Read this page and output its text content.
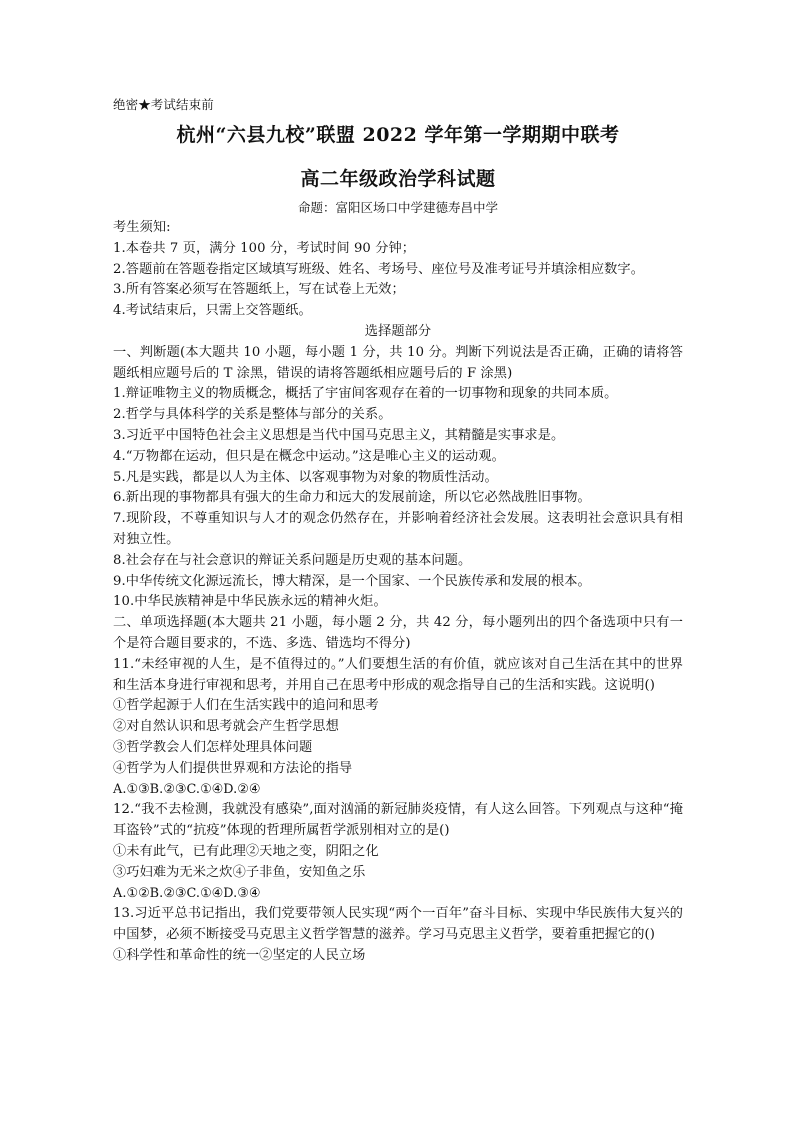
绝密★考试结束前
杭州“六县九校”联盟 2022 学年第一学期期中联考
高二年级政治学科试题
命题：富阳区场口中学建德寿昌中学
考生须知:
1.本卷共 7 页，满分 100 分，考试时间 90 分钟；
2.答题前在答题卷指定区域填写班级、姓名、考场号、座位号及准考证号并填涂相应数字。
3.所有答案必须写在答题纸上，写在试卷上无效；
4.考试结束后，只需上交答题纸。
选择题部分
一、判断题(本大题共 10 小题，每小题 1 分，共 10 分。判断下列说法是否正确，正确的请将答题纸相应题号后的 T 涂黑，错误的请将答题纸相应题号后的 F 涂黑)
1.辩证唯物主义的物质概念，概括了宇宙间客观存在着的一切事物和现象的共同本质。
2.哲学与具体科学的关系是整体与部分的关系。
3.习近平中国特色社会主义思想是当代中国马克思主义，其精髓是实事求是。
4.“万物都在运动，但只是在概念中运动。”这是唯心主义的运动观。
5.凡是实践，都是以人为主体、以客观事物为对象的物质性活动。
6.新出现的事物都具有强大的生命力和远大的发展前途，所以它必然战胜旧事物。
7.现阶段，不尊重知识与人才的观念仍然存在，并影响着经济社会发展。这表明社会意识具有相对独立性。
8.社会存在与社会意识的辩证关系问题是历史观的基本问题。
9.中华传统文化源远流长，博大精深，是一个国家、一个民族传承和发展的根本。
10.中华民族精神是中华民族永远的精神火炬。
二、单项选择题(本大题共 21 小题，每小题 2 分，共 42 分，每小题列出的四个备选项中只有一个是符合题目要求的，不选、多选、错选均不得分)
11.“未经审视的人生，是不值得过的。”人们要想生活的有价值，就应该对自己生活在其中的世界和生活本身进行审视和思考，并用自己在思考中形成的观念指导自己的生活和实践。这说明()
①哲学起源于人们在生活实践中的追问和思考
②对自然认识和思考就会产生哲学思想
③哲学教会人们怎样处理具体问题
④哲学为人们提供世界观和方法论的指导
A.①③B.②③C.①④D.②④
12.“我不去检测，我就没有感染”,面对汹涌的新冠肺炎疫情，有人这么回答。下列观点与这种“掩耳盗铃”式的“抗疫”体现的哲理所属哲学派别相对立的是()
①未有此气，已有此理②天地之变，阴阳之化
③巧妇难为无米之炊④子非鱼，安知鱼之乐
A.①②B.②③C.①④D.③④
13.习近平总书记指出，我们党要带领人民实现“两个一百年”奋斗目标、实现中华民族伟大复兴的中国梦，必须不断接受马克思主义哲学智慧的滋养。学习马克思主义哲学，要着重把握它的()
①科学性和革命性的统一②坚定的人民立场
